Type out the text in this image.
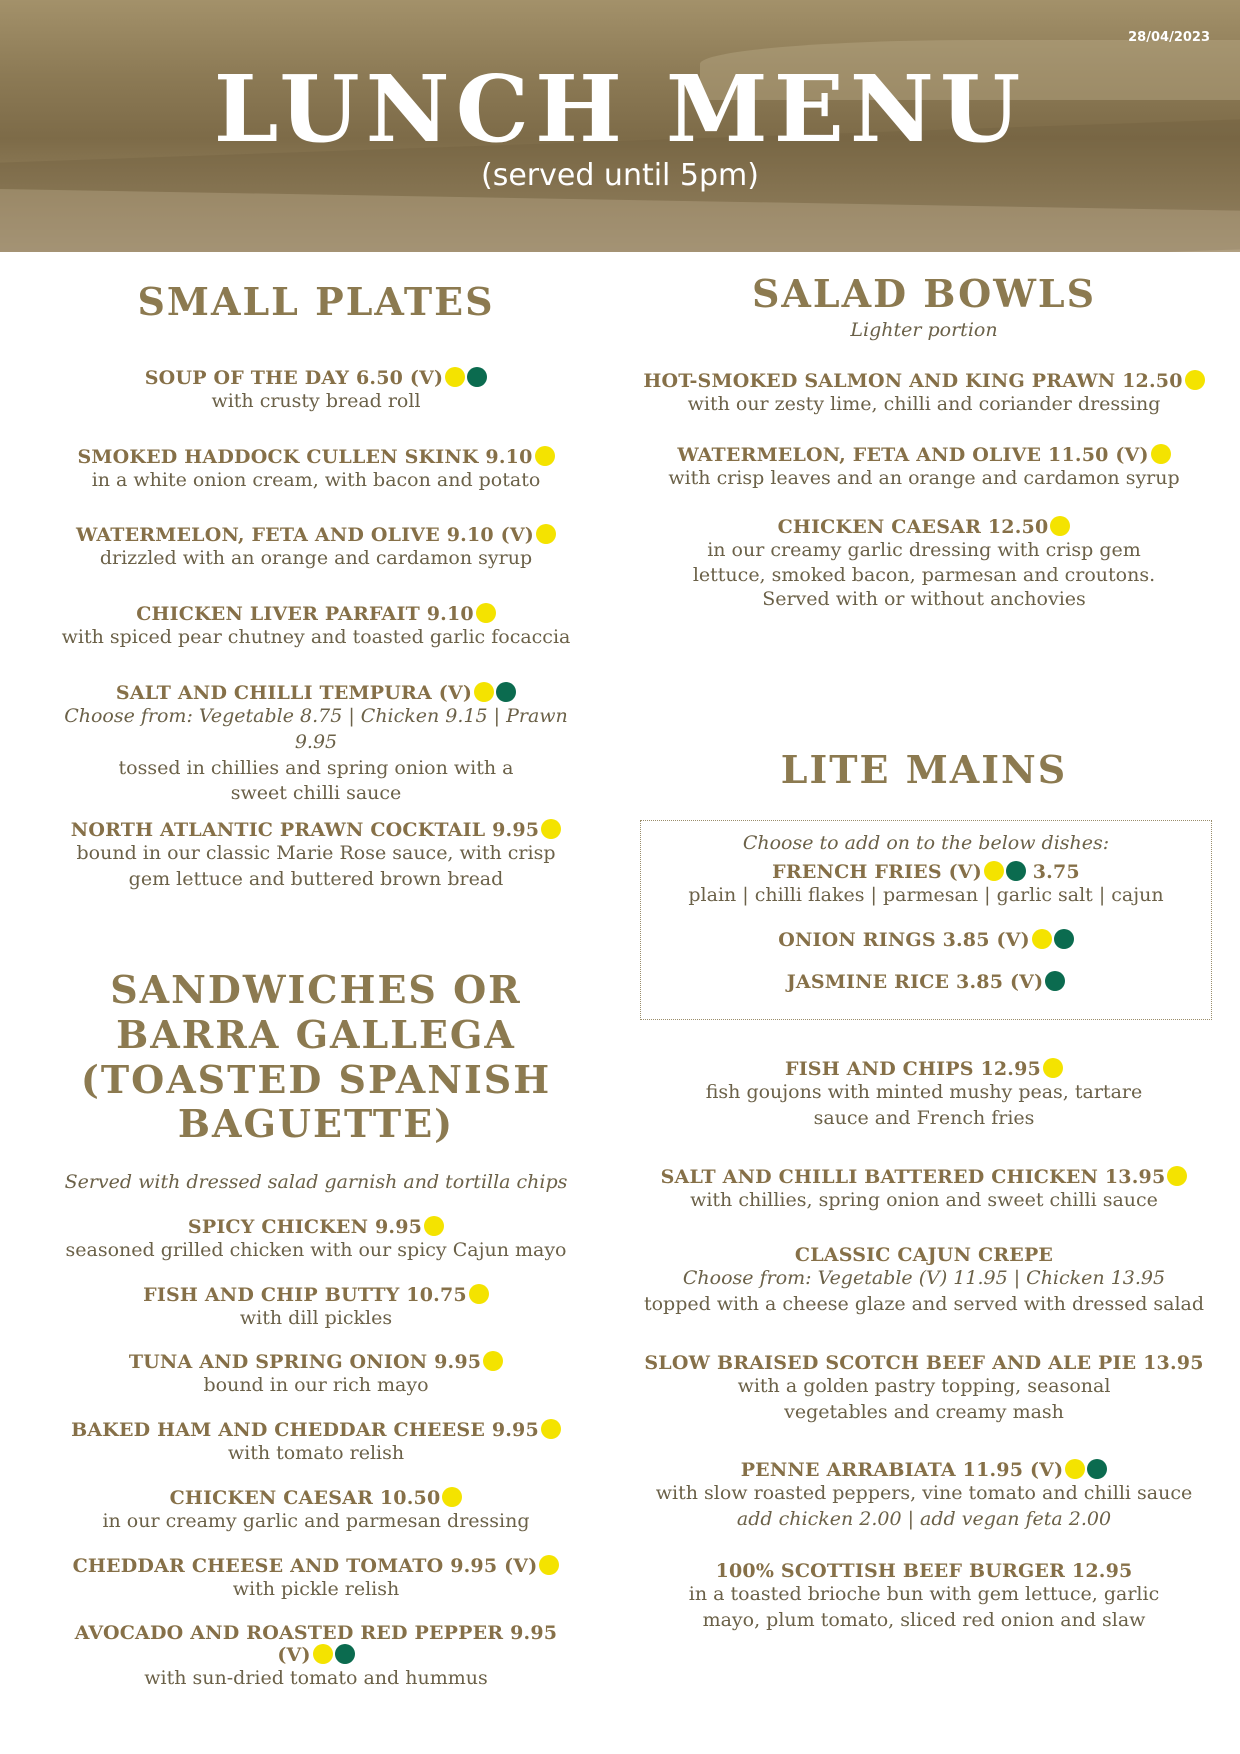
28/04/2023
LUNCH MENU
(served until 5pm)
SMALL PLATES
SOUP OF THE DAY 6.50 (V)
with crusty bread roll
SMOKED HADDOCK CULLEN SKINK 9.10
in a white onion cream, with bacon and potato
WATERMELON, FETA AND OLIVE 9.10 (V)
drizzled with an orange and cardamon syrup
CHICKEN LIVER PARFAIT 9.10
with spiced pear chutney and toasted garlic focaccia
SALT AND CHILLI TEMPURA (V)
Choose from: Vegetable 8.75 | Chicken 9.15 | Prawn 9.95
tossed in chillies and spring onion with a sweet chilli sauce
NORTH ATLANTIC PRAWN COCKTAIL 9.95
bound in our classic Marie Rose sauce, with crisp gem lettuce and buttered brown bread
SANDWICHES OR BARRA GALLEGA (TOASTED SPANISH BAGUETTE)
Served with dressed salad garnish and tortilla chips
SPICY CHICKEN 9.95
seasoned grilled chicken with our spicy Cajun mayo
FISH AND CHIP BUTTY 10.75
with dill pickles
TUNA AND SPRING ONION 9.95
bound in our rich mayo
BAKED HAM AND CHEDDAR CHEESE 9.95
with tomato relish
CHICKEN CAESAR 10.50
in our creamy garlic and parmesan dressing
CHEDDAR CHEESE AND TOMATO 9.95 (V)
with pickle relish
AVOCADO AND ROASTED RED PEPPER 9.95 (V)
with sun-dried tomato and hummus
SALAD BOWLS
Lighter portion
HOT-SMOKED SALMON AND KING PRAWN 12.50
with our zesty lime, chilli and coriander dressing
WATERMELON, FETA AND OLIVE 11.50 (V)
with crisp leaves and an orange and cardamon syrup
CHICKEN CAESAR 12.50
in our creamy garlic dressing with crisp gem lettuce, smoked bacon, parmesan and croutons. Served with or without anchovies
LITE MAINS
Choose to add on to the below dishes:
FRENCH FRIES (V)	3.75
plain | chilli flakes | parmesan | garlic salt | cajun
ONION RINGS 3.85 (V)
JASMINE RICE 3.85 (V)
FISH AND CHIPS 12.95
fish goujons with minted mushy peas, tartare sauce and French fries
SALT AND CHILLI BATTERED CHICKEN 13.95
with chillies, spring onion and sweet chilli sauce
CLASSIC CAJUN CREPE
Choose from: Vegetable (V) 11.95 | Chicken 13.95
topped with a cheese glaze and served with dressed salad
SLOW BRAISED SCOTCH BEEF AND ALE PIE 13.95
with a golden pastry topping, seasonal vegetables and creamy mash
PENNE ARRABIATA 11.95 (V)
with slow roasted peppers, vine tomato and chilli sauce
add chicken 2.00 | add vegan feta 2.00
100% SCOTTISH BEEF BURGER 12.95
in a toasted brioche bun with gem lettuce, garlic mayo, plum tomato, sliced red onion and slaw
